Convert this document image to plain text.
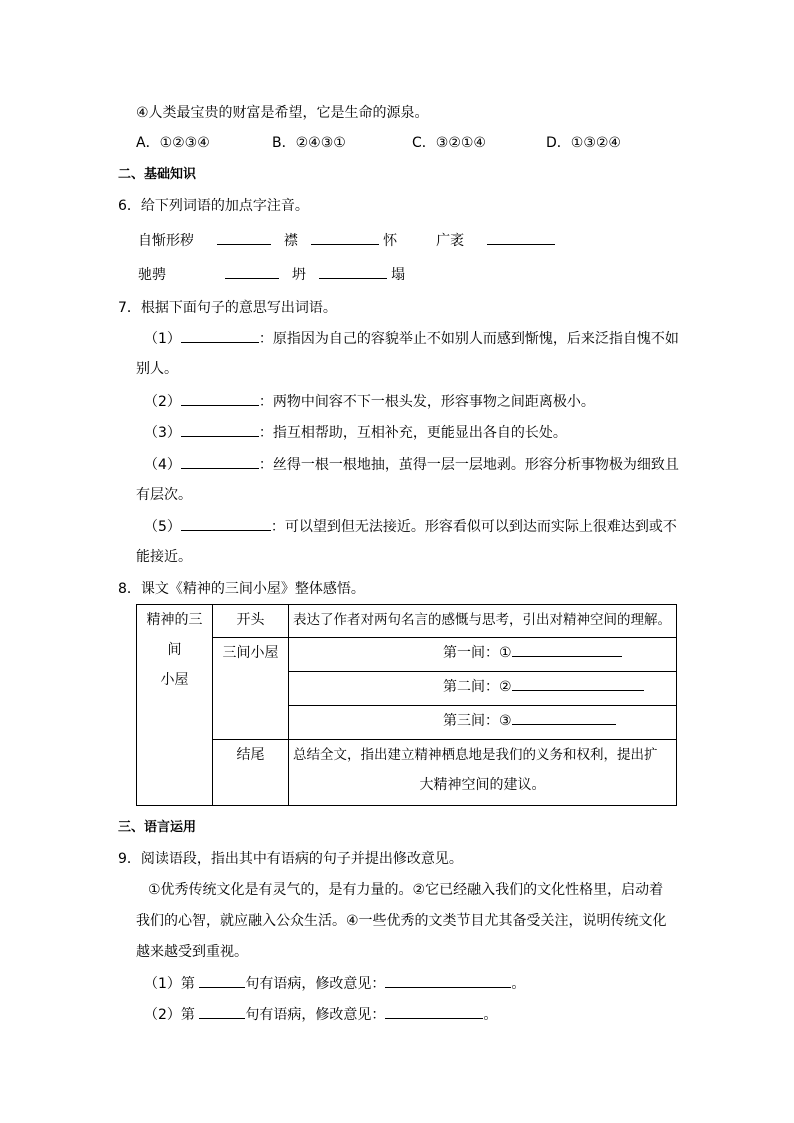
④人类最宝贵的财富是希望，它是生命的源泉。
A．①②③④	B．②④③①	C．③②①④	D．①③②④
二、基础知识
6．给下列词语的加点字注音。
自惭形秽	襟	怀	广袤
驰骋	坍	塌
7．根据下面句子的意思写出词语。
（1）	：原指因为自己的容貌举止不如别人而感到惭愧，后来泛指自愧不如
别人。
（2）	：两物中间容不下一根头发，形容事物之间距离极小。
（3）	：指互相帮助，互相补充，更能显出各自的长处。
（4）	：丝得一根一根地抽，茧得一层一层地剥。形容分析事物极为细致且
有层次。
（5）	：可以望到但无法接近。形容看似可以到达而实际上很难达到或不
能接近。
8．课文《精神的三间小屋》整体感悟。
精神的三间
小屋	开头	表达了作者对两句名言的感慨与思考，引出对精神空间的理解。
	三间小屋	第一间：①
		第二间：②
		第三间：③
	结尾	总结全文，指出建立精神栖息地是我们的义务和权利，提出扩
大精神空间的建议。
三、语言运用
9．阅读语段，指出其中有语病的句子并提出修改意见。
①优秀传统文化是有灵气的，是有力量的。②它已经融入我们的文化性格里，启动着
我们的心智，就应融入公众生活。④一些优秀的文类节目尤其备受关注，说明传统文化
越来越受到重视。
（1）第	句有语病，修改意见：	。
（2）第	句有语病，修改意见：	。
